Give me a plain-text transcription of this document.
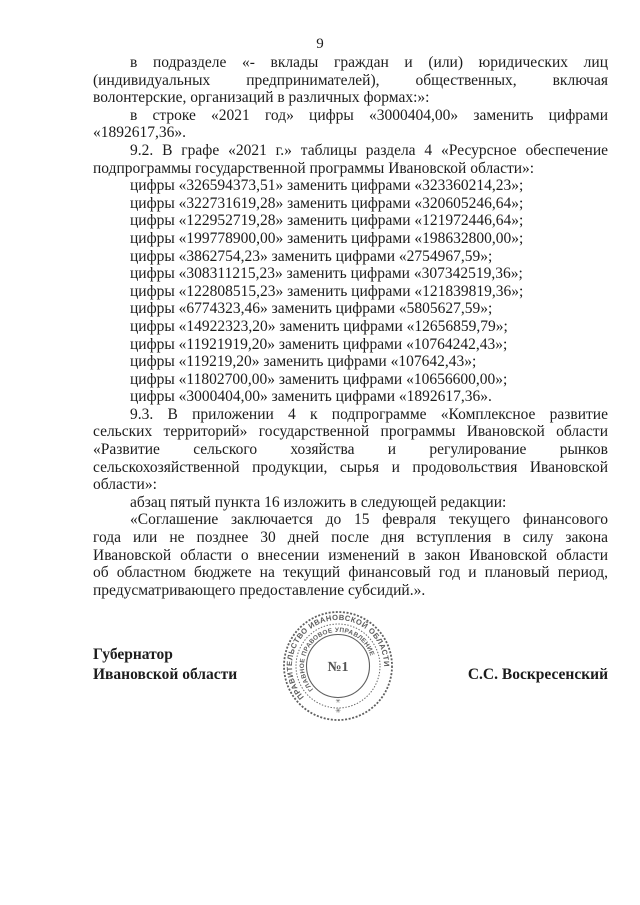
9
в подразделе «- вклады граждан и (или) юридических лиц
(индивидуальных предпринимателей), общественных, включая
волонтерские, организаций в различных формах:»:
в строке «2021 год» цифры «3000404,00» заменить цифрами
«1892617,36».
9.2. В графе «2021 г.» таблицы раздела 4 «Ресурсное обеспечение
подпрограммы государственной программы Ивановской области»:
цифры «326594373,51» заменить цифрами «323360214,23»;
цифры «322731619,28» заменить цифрами «320605246,64»;
цифры «122952719,28» заменить цифрами «121972446,64»;
цифры «199778900,00» заменить цифрами «198632800,00»;
цифры «3862754,23» заменить цифрами «2754967,59»;
цифры «308311215,23» заменить цифрами «307342519,36»;
цифры «122808515,23» заменить цифрами «121839819,36»;
цифры «6774323,46» заменить цифрами «5805627,59»;
цифры «14922323,20» заменить цифрами «12656859,79»;
цифры «11921919,20» заменить цифрами «10764242,43»;
цифры «119219,20» заменить цифрами «107642,43»;
цифры «11802700,00» заменить цифрами «10656600,00»;
цифры «3000404,00» заменить цифрами «1892617,36».
9.3. В приложении 4 к подпрограмме «Комплексное развитие
сельских территорий» государственной программы Ивановской области
«Развитие сельского хозяйства и регулирование рынков
сельскохозяйственной продукции, сырья и продовольствия Ивановской
области»:
абзац пятый пункта 16 изложить в следующей редакции:
«Соглашение заключается до 15 февраля текущего финансового
года или не позднее 30 дней после дня вступления в силу закона
Ивановской области о внесении изменений в закон Ивановской области
об областном бюджете на текущий финансовый год и плановый период,
предусматривающего предоставление субсидий.».
ПРАВИТЕЛЬСТВО ИВАНОВСКОЙ ОБЛАСТИ
ГЛАВНОЕ ПРАВОВОЕ УПРАВЛЕНИЕ
№1
✳
✳
Губернатор
Ивановской области	С.С. Воскресенский
